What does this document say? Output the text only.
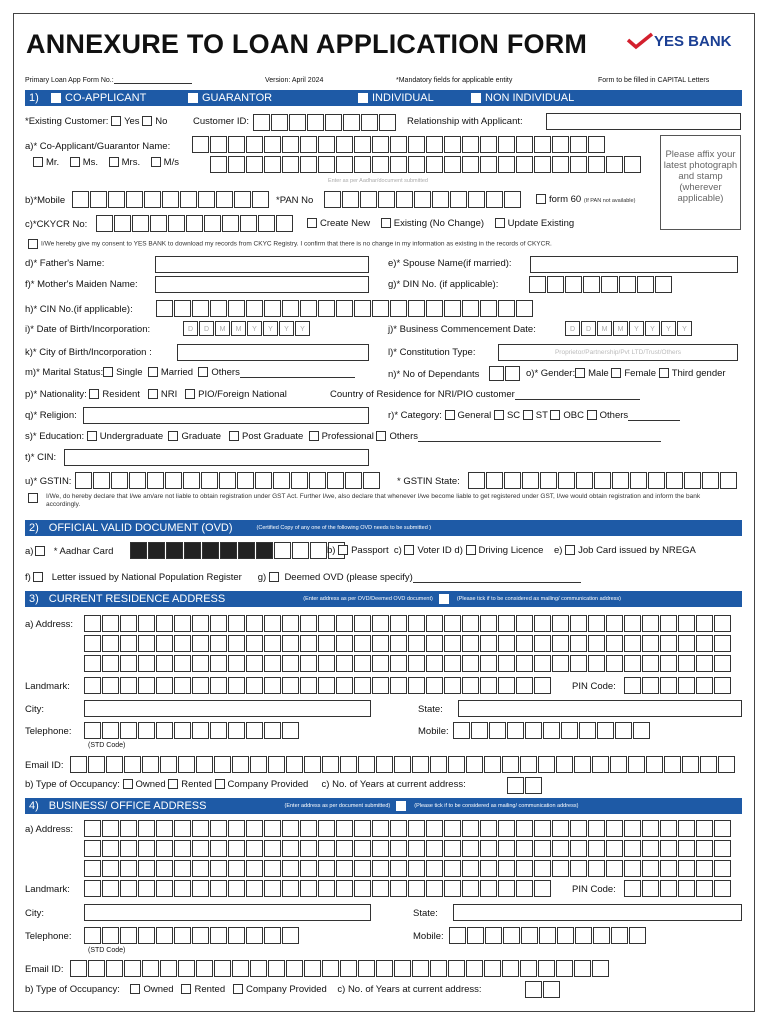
ANNEXURE TO LOAN APPLICATION FORM	YES BANK
Primary Loan App Form No.:	Version: April 2024	*Mandatory fields for applicable entity	Form to be filled in CAPITAL Letters
1)	CO-APPLICANT	GUARANTOR	INDIVIDUAL	NON INDIVIDUAL
*Existing Customer: Yes No	Customer ID:	Relationship with Applicant:
a)* Co-Applicant/Guarantor Name:
Mr. Ms. Mrs. M/s
Enter as per Aadhar/document submitted
Please affix your latest photograph and stamp (wherever applicable)
b)*Mobile	*PAN No	form 60 (If PAN not available)
c)*CKYCR No:	Create New Existing (No Change) Update Existing
I/We hereby give my consent to YES BANK to download my records from CKYC Registry. I confirm that there is no change in my information as existing in the records of CKYCR.
d)* Father's Name:	e)* Spouse Name(if married):
f)* Mother's Maiden Name:	g)* DIN No. (if applicable):
h)* CIN No.(if applicable):
i)* Date of Birth/Incorporation:	D	D	M	M	Y	Y	Y	Y	j)* Business Commencement Date:	D	D	M	M	Y	Y	Y	Y
k)* City of Birth/Incorporation :	l)* Constitution Type:	Proprietor/Partnership/Pvt LTD/Trust/Others
m)* Marital Status: Single Married Others	n)* No of Dependants	o)* Gender: Male Female Third gender
p)* Nationality: Resident NRI PIO/Foreign National	Country of Residence for NRI/PIO customer
q)* Religion:	r)* Category: General SC ST OBC Others
s)* Education: Undergraduate Graduate Post Graduate Professional Others
t)* CIN:
u)* GSTIN:	* GSTIN State:
I/We, do hereby declare that I/we am/are not liable to obtain registration under GST Act. Further I/we, also declare that whenever I/we become liable to get registered under GST, I/we would obtain registration and inform the bank accordingly.
2) OFFICIAL VALID DOCUMENT (OVD)	(Certified Copy of any one of the following OVD needs to be submitted )
a) * Aadhar Card	b) Passport c) Voter ID d) Driving Licence e) Job Card issued by NREGA
f) Letter issued by National Population Register g) Deemed OVD (please specify)
3) CURRENT RESIDENCE ADDRESS	(Enter address as per OVD/Deemed OVD document)	(Please tick if to be considered as mailing/ communication address)
a) Address:
Landmark:	PIN Code:
City:	State:
Telephone:
(STD Code)
Mobile:
Email ID:
b) Type of Occupancy: Owned Rented Company Provided c) No. of Years at current address:
4) BUSINESS/ OFFICE ADDRESS	(Enter address as per document submitted)	(Please tick if to be considered as mailing/ communication address)
a) Address:
Landmark:	PIN Code:
City:	State:
Telephone:
(STD Code)
Mobile:
Email ID:
b) Type of Occupancy: Owned Rented Company Provided c) No. of Years at current address:
